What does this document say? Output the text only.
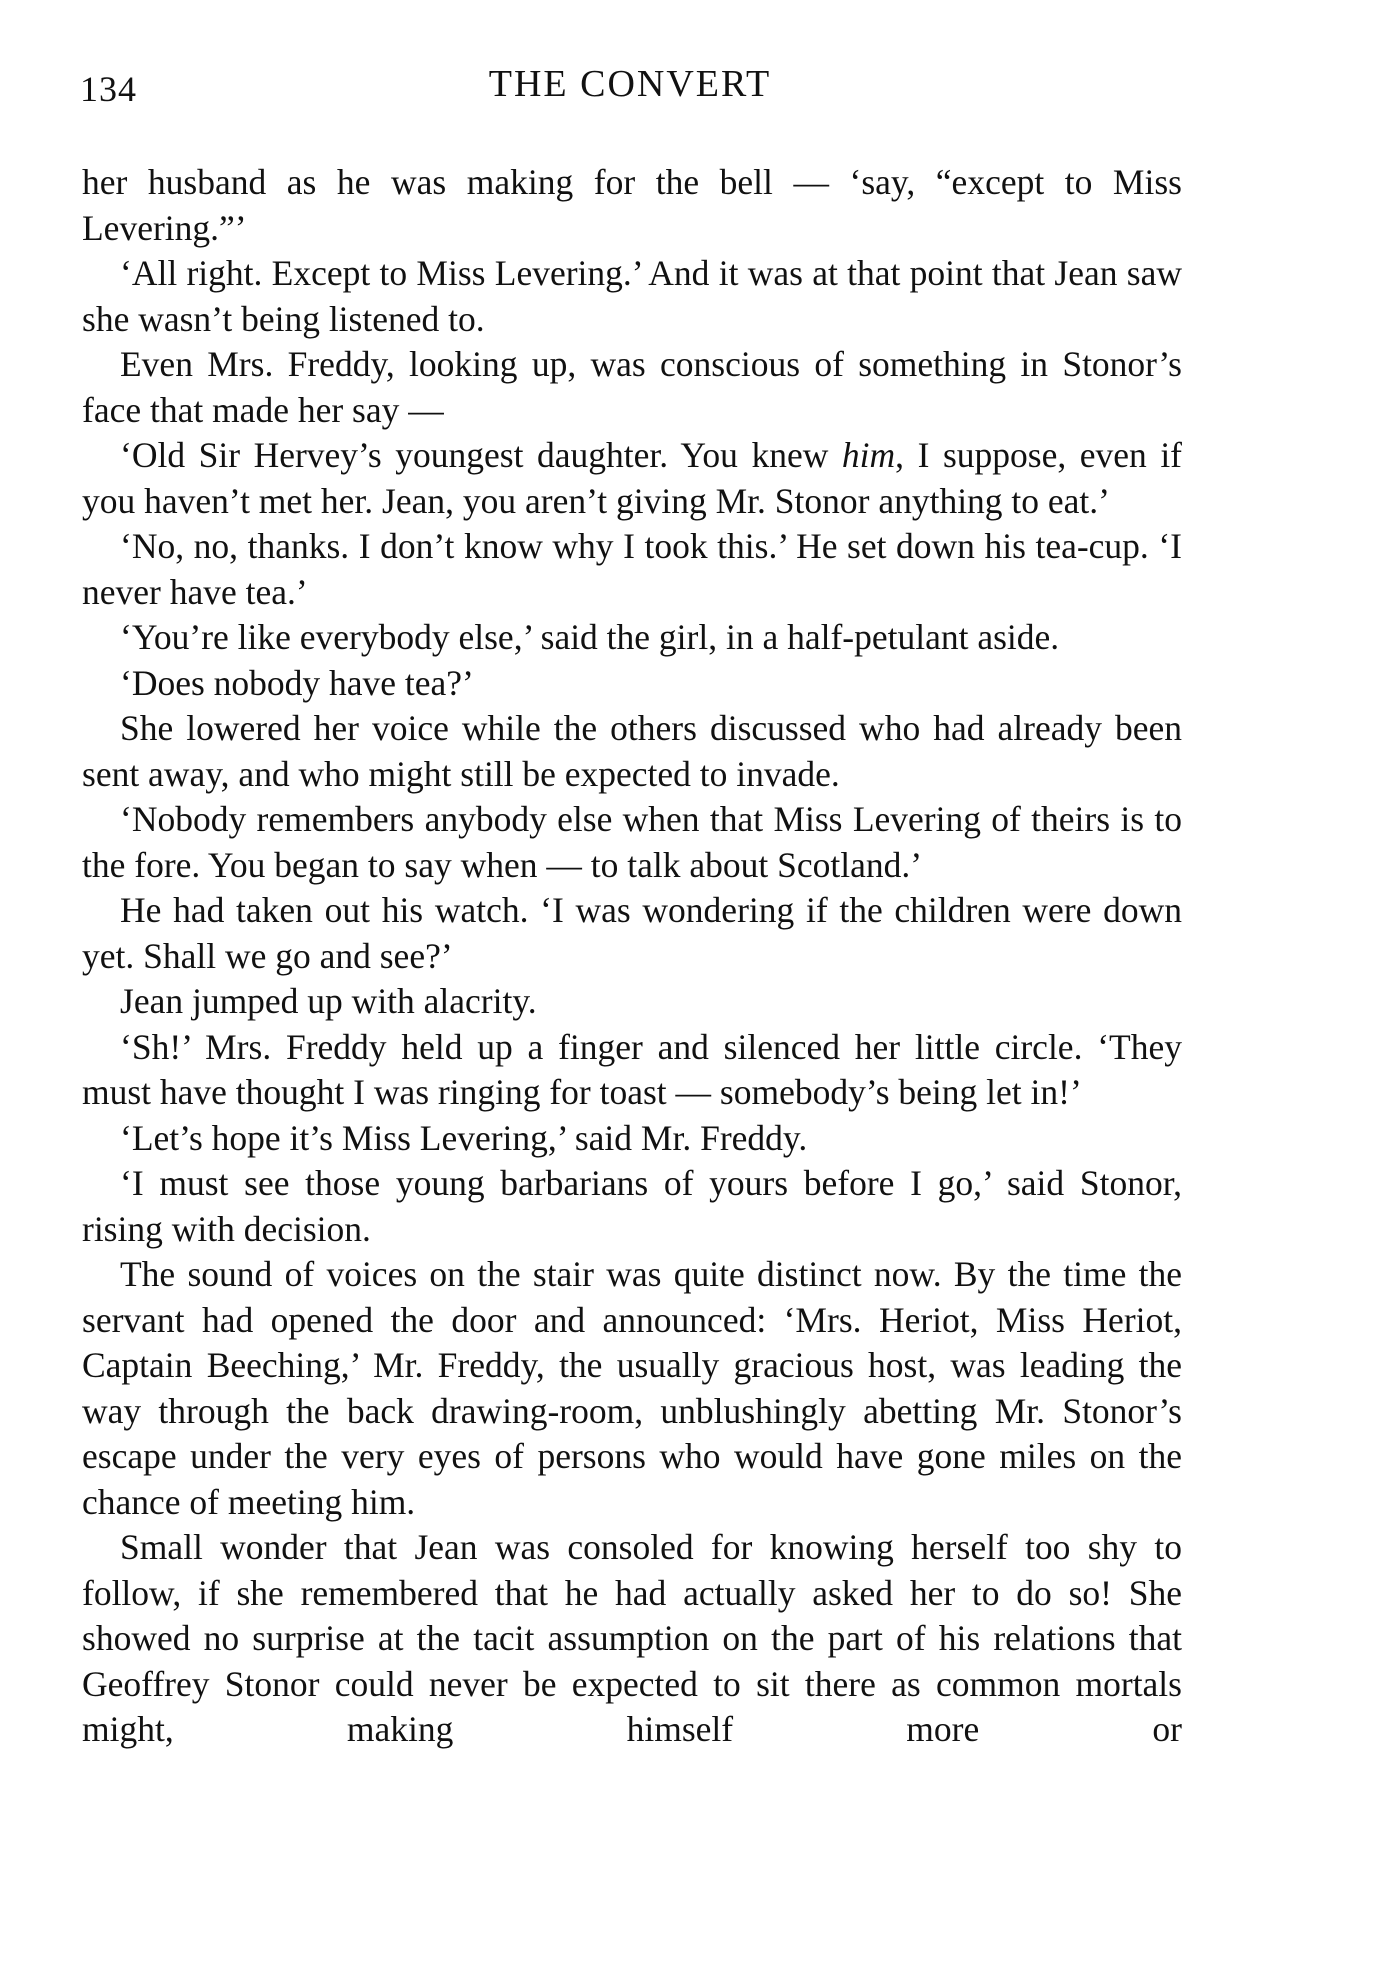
134	THE CONVERT

her husband as he was making for the bell — ‘say, “except to Miss Levering.”’

‘All right. Except to Miss Levering.’ And it was at that point that Jean saw she wasn’t being listened to.

Even Mrs. Freddy, looking up, was conscious of something in Stonor’s face that made her say —

‘Old Sir Hervey’s youngest daughter. You knew him, I suppose, even if you haven’t met her. Jean, you aren’t giving Mr. Stonor anything to eat.’

‘No, no, thanks. I don’t know why I took this.’ He set down his tea-cup. ‘I never have tea.’

‘You’re like everybody else,’ said the girl, in a half-petulant aside.

‘Does nobody have tea?’

She lowered her voice while the others discussed who had already been sent away, and who might still be expected to invade.

‘Nobody remembers anybody else when that Miss Levering of theirs is to the fore. You began to say when — to talk about Scotland.’

He had taken out his watch. ‘I was wondering if the children were down yet. Shall we go and see?’

Jean jumped up with alacrity.

‘Sh!’ Mrs. Freddy held up a finger and silenced her little circle. ‘They must have thought I was ringing for toast — somebody’s being let in!’

‘Let’s hope it’s Miss Levering,’ said Mr. Freddy.

‘I must see those young barbarians of yours before I go,’ said Stonor, rising with decision.

The sound of voices on the stair was quite distinct now. By the time the servant had opened the door and announced: ‘Mrs. Heriot, Miss Heriot, Captain Beeching,’ Mr. Freddy, the usually gracious host, was leading the way through the back drawing-room, unblushingly abetting Mr. Stonor’s escape under the very eyes of persons who would have gone miles on the chance of meeting him.

Small wonder that Jean was consoled for knowing herself too shy to follow, if she remembered that he had actually asked her to do so! She showed no surprise at the tacit assumption on the part of his relations that Geoffrey Stonor could never be expected to sit there as common mortals might, making himself more or
